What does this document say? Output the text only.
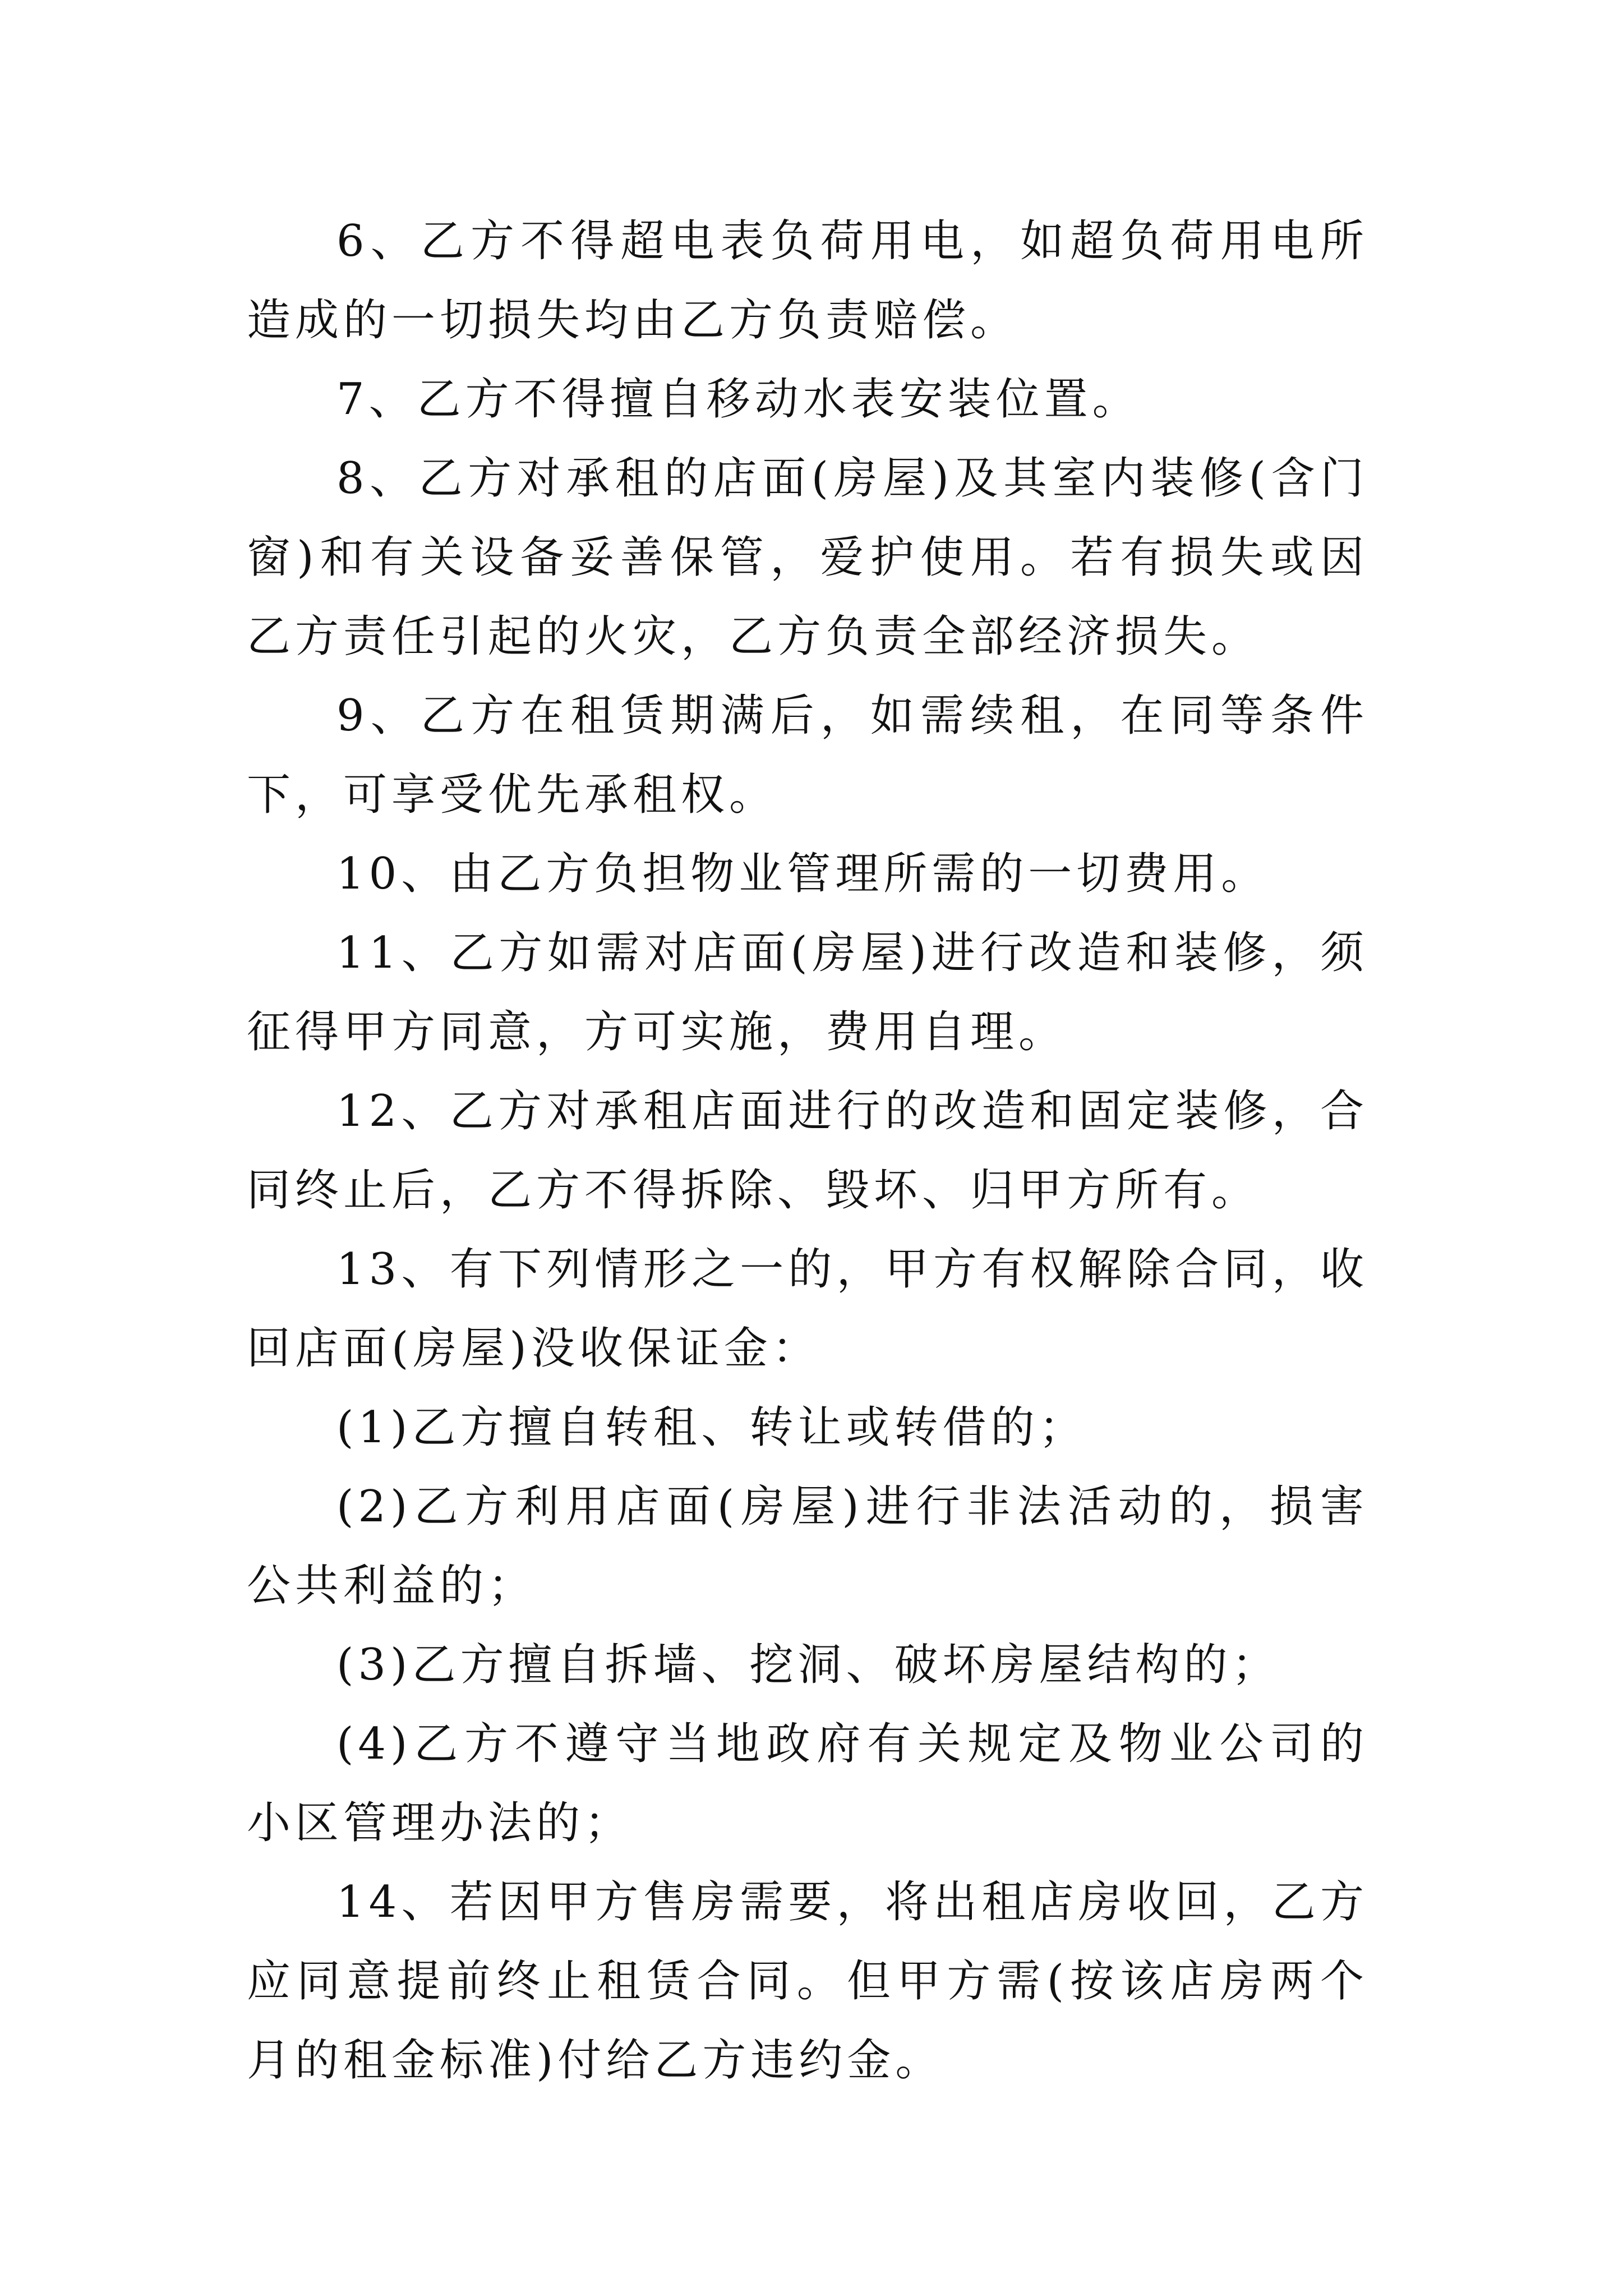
6、乙方不得超电表负荷用电，如超负荷用电所造成的一切损失均由乙方负责赔偿。

7、乙方不得擅自移动水表安装位置。

8、乙方对承租的店面(房屋)及其室内装修(含门窗)和有关设备妥善保管，爱护使用。若有损失或因乙方责任引起的火灾，乙方负责全部经济损失。

9、乙方在租赁期满后，如需续租，在同等条件下，可享受优先承租权。

10、由乙方负担物业管理所需的一切费用。

11、乙方如需对店面(房屋)进行改造和装修，须征得甲方同意，方可实施，费用自理。

12、乙方对承租店面进行的改造和固定装修，合同终止后，乙方不得拆除、毁坏、归甲方所有。

13、有下列情形之一的，甲方有权解除合同，收回店面(房屋)没收保证金：

(1)乙方擅自转租、转让或转借的；

(2)乙方利用店面(房屋)进行非法活动的，损害公共利益的；

(3)乙方擅自拆墙、挖洞、破坏房屋结构的；

(4)乙方不遵守当地政府有关规定及物业公司的小区管理办法的；

14、若因甲方售房需要，将出租店房收回，乙方应同意提前终止租赁合同。但甲方需(按该店房两个月的租金标准)付给乙方违约金。
